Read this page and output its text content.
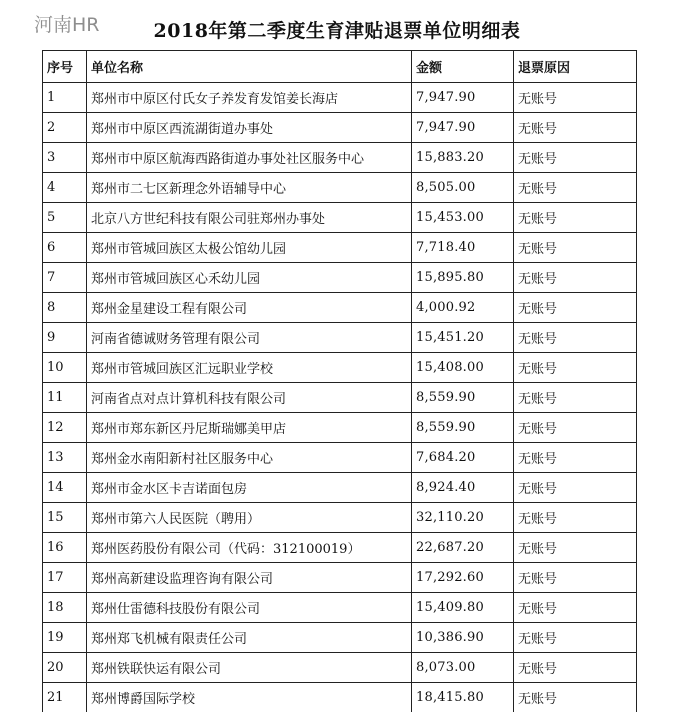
河南HR	2018年第二季度生育津贴退票单位明细表
序号	单位名称	金额	退票原因
1	郑州市中原区付氏女子养发育发馆姜长海店	7,947.90	无账号
2	郑州市中原区西流湖街道办事处	7,947.90	无账号
3	郑州市中原区航海西路街道办事处社区服务中心	15,883.20	无账号
4	郑州市二七区新理念外语辅导中心	8,505.00	无账号
5	北京八方世纪科技有限公司驻郑州办事处	15,453.00	无账号
6	郑州市管城回族区太极公馆幼儿园	7,718.40	无账号
7	郑州市管城回族区心禾幼儿园	15,895.80	无账号
8	郑州金星建设工程有限公司	4,000.92	无账号
9	河南省德诚财务管理有限公司	15,451.20	无账号
10	郑州市管城回族区汇远职业学校	15,408.00	无账号
11	河南省点对点计算机科技有限公司	8,559.90	无账号
12	郑州市郑东新区丹尼斯瑞娜美甲店	8,559.90	无账号
13	郑州金水南阳新村社区服务中心	7,684.20	无账号
14	郑州市金水区卡吉诺面包房	8,924.40	无账号
15	郑州市第六人民医院（聘用）	32,110.20	无账号
16	郑州医药股份有限公司（代码：312100019）	22,687.20	无账号
17	郑州高新建设监理咨询有限公司	17,292.60	无账号
18	郑州仕雷德科技股份有限公司	15,409.80	无账号
19	郑州郑飞机械有限责任公司	10,386.90	无账号
20	郑州铁联快运有限公司	8,073.00	无账号
21	郑州博爵国际学校	18,415.80	无账号
